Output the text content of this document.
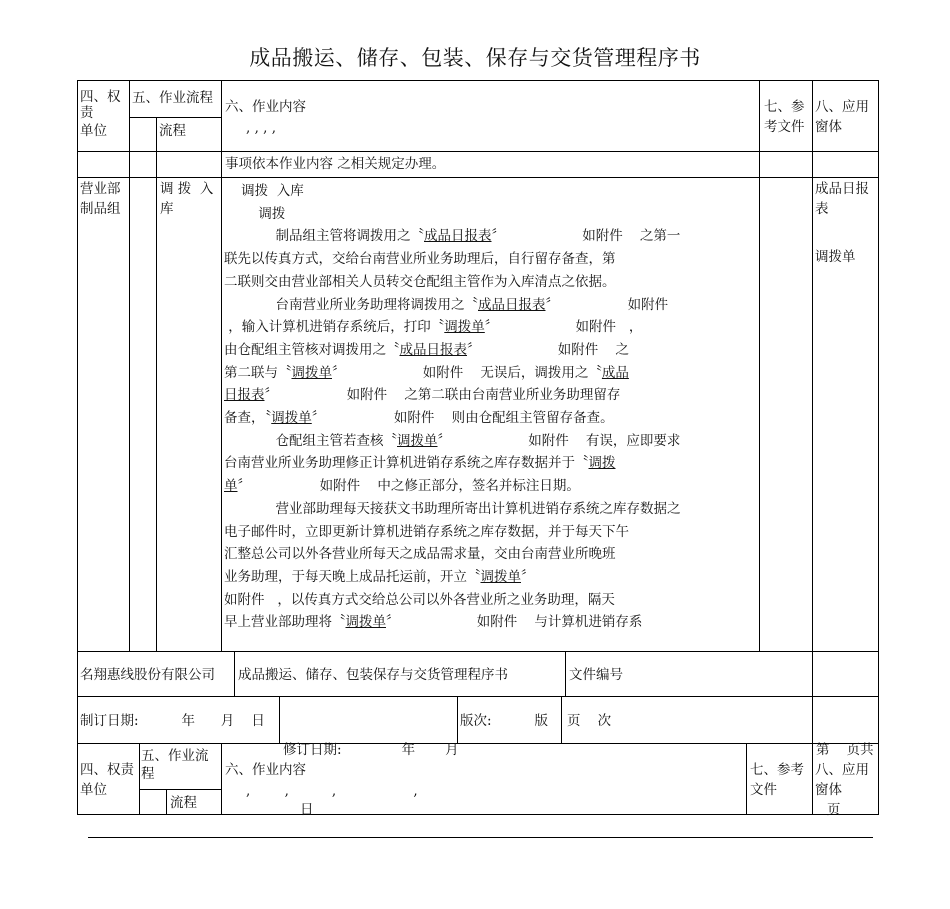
成品搬运、储存、包装、保存与交货管理程序书
四、权
责
单位
五、作业流程
流程
六、作业内容
, , , ,
七、参
考文件
八、应用
窗体
事项依本作业内容 之相关规定办理。
营业部
制品组
调 拨  入
库
成品日报
表
调拨单
调拨  入库
调拨
制品组主管将调拨用之〝成品日报表〞                  如附件    之第一
联先以传真方式，交给台南营业所业务助理后，自行留存备查，第
二联则交由营业部相关人员转交仓配组主管作为入库清点之依据。
台南营业所业务助理将调拨用之〝成品日报表〞                如附件
，输入计算机进销存系统后，打印〝调拨单〞                  如附件   ，
由仓配组主管核对调拨用之〝成品日报表〞                  如附件    之
第二联与〝调拨单〞                  如附件    无误后，调拨用之〝成品
日报表〞                如附件    之第二联由台南营业所业务助理留存
备查，〝调拨单〞                如附件    则由仓配组主管留存备查。
仓配组主管若查核〝调拨单〞                  如附件    有误，应即要求
台南营业所业务助理修正计算机进销存系统之库存数据并于〝调拨
单〞                如附件    中之修正部分，签名并标注日期。
营业部助理每天接获文书助理所寄出计算机进销存系统之库存数据之
电子邮件时，立即更新计算机进销存系统之库存数据，并于每天下午
汇整总公司以外各营业所每天之成品需求量，交由台南营业所晚班
业务助理，于每天晚上成品托运前，开立〝调拨单〞
如附件   ，以传真方式交给总公司以外各营业所之业务助理，隔天
早上营业部助理将〝调拨单〞                  如附件    与计算机进销存系
名翔惠线股份有限公司 成品搬运、储存、包装保存与交货管理程序书	文件编号
制订日期:          年      月    日

修订日期:              年       月

日

版次:          版 页    次

第    页共

页

四、权责
单位
五、作业流
程
流程
六、作业内容
,        ,          ,                  ,
七、参考
文件
八、应用
窗体
